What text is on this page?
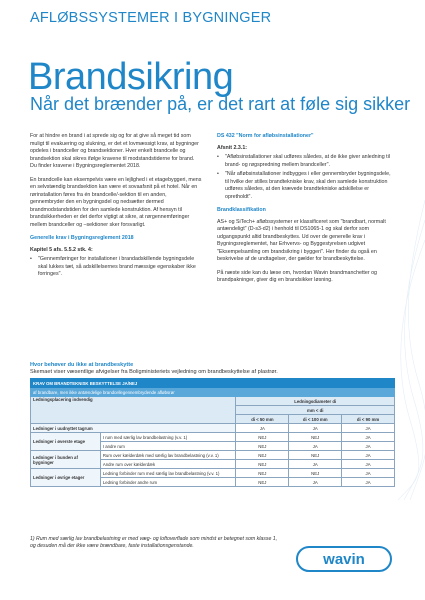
AFLØBSSYSTEMER I BYGNINGER
Brandsikring
Når det brænder på, er det rart at føle sig sikker

For at hindre en brand i at sprede sig og for at give så meget tid som muligt til evakuering og slukning, er det et lovmæssigt krav, at bygninger opdeles i brandceller og brandsektioner. Hver enkelt brandcelle og brandsektion skal sikres ifølge kravene til modstandstiderne for brand. Du finder kravene i Bygningsreglementet 2018.

En brandcelle kan eksempelvis være en lejlighed i et etagebyggeri, mens en selvstændig brandsektion kan være et sovaafsnit på et hotel. Når en rørinstallation føres fra én brandcelle/-sektion til en anden, gennembryder den en bygningsdel og nedsætter dermed brandmodstandstiden for den samlede konstruktion. Af hensyn til brandsikkerheden er det derfor vigtigt at sikre, at rørgennemføringer mellem brandceller og –sektioner sker forsvarligt.

Generelle krav i Bygningsreglement 2018
Kapitel 5 afs. 5.5.2 stk. 4:
•	"Gennemføringer for installationer i brandadskillende bygningsdele skal lukkes tæt, så adskillelsernes brand mæssige egenskaber ikke forringes".
DS 432 "Norm for afløbsinstallationer"
Afsnit 2.3.1:
•	"Afløbsinstallationer skal udføres således, at de ikke giver anledning til brand- og røgspredning mellem brandceller".
•	"Når afløbsinstallationer indbygges i eller gennembryder bygningsdele, til hvilke der stilles brandtekniske krav, skal den samlede konstruktion udføres således, at den krævede brandtekniske adskillelse er opretholdt".
Brandklassifikation

AS+ og SiTech+ afløbssystemer er klassificeret som "brandbart, normalt antændeligt" (D-s3-d2) i henhold til DS1065-1 og skal derfor som udgangspunkt altid brandbeskyttes. Ud over de generelle krav i Bygningsreglementet, har Erhvervs- og Byggestyrelsen udgivet "Eksempelsamling om brandsikring i byggeri". Her finder du også en beskrivelse af de undtagelser, der gælder for brandbeskyttelse.

På næste side kan du læse om, hvordan Wavin brandmanchetter og brandpakninger, giver dig en brandsikker løsning.

Hvor behøver du ikke at brandbeskytte
Skemaet viser væsentlige afvigelser fra Boligministeriets vejledning om brandbeskyttelse af plastrør.
KRAV OM BRANDTEKNISK BESKYTTELSE JA/NEJ				
af brandbare, men ikke antændelige brandcellegennembrydende afløbsrør				
Ledningsplacering indvendig		Ledningsdiameter di		
		mm < di		
		di < 50 mm	di < 100 mm	di < 90 mm
Ledninger i uudnyttet tagrum		JA	JA	JA
Ledninger i øverste etage	I rum med særlig lav brandbelastning (v.v. 1)	NEJ	NEJ	JA
	I andre rum	NEJ	JA	JA
Ledninger i bunden af bygninger	Rum over kælderdæk med særlig lav brandbelastning (v.v. 1)	NEJ	NEJ	JA
	Andre rum over kælderdæk	NEJ	JA	JA
Ledninger i øvrige etager	Ledning forbinder rum med særlig lav brandbelastning (v.v. 1)	NEJ	NEJ	JA
	Ledning forbinder andre rum	NEJ	JA	JA
1) Rum med særlig lav brandbelastning er med væg- og loftoverflade som mindst er betegnet som klasse 1,
og desuden må der ikke være brændbare, faste installationsgenstande.
wavin
